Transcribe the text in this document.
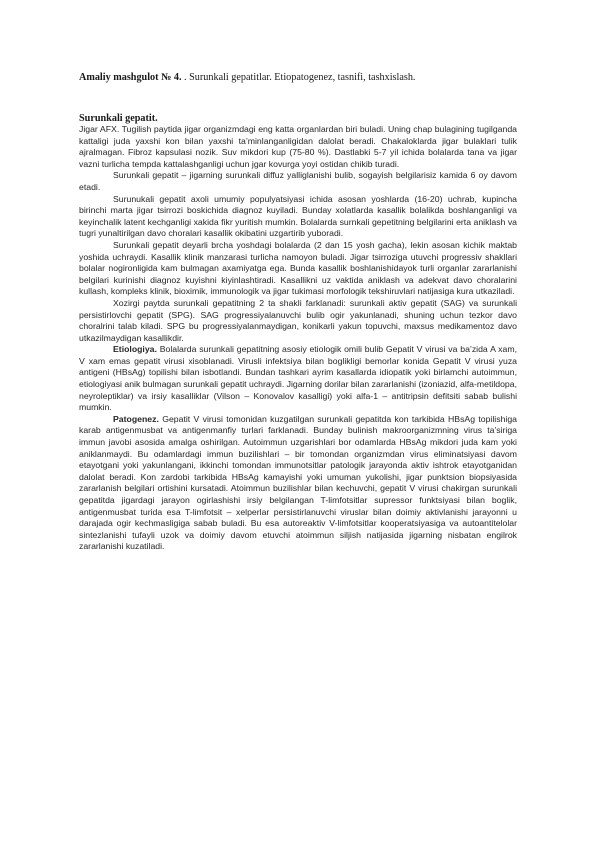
Amaliy mashgulot № 4. . Surunkali gepatitlar. Etiopatogenez, tasnifi, tashxislash.
Surunkali gepatit.

Jigar AFX. Tugilish paytida jigar organizmdagi eng katta organlardan biri buladi. Uning chap bulagining tugilganda kattaligi juda yaxshi kon bilan yaxshi ta’minlanganligidan dalolat beradi. Chakaloklarda jigar bulaklari tulik ajralmagan. Fibroz kapsulasi nozik. Suv mikdori kup (75-80 %). Dastlabki 5-7 yil ichida bolalarda tana va jigar vazni turlicha tempda kattalashganligi uchun jgar kovurga yoyi ostidan chikib turadi.

Surunkali gepatit – jigarning surunkali diffuz yalliglanishi bulib, sogayish belgilarisiz kamida 6 oy davom etadi.

Surunukali gepatit axoli umumiy populyatsiyasi ichida asosan yoshlarda (16-20) uchrab, kupincha birinchi marta jigar tsirrozi boskichida diagnoz kuyiladi. Bunday xolatlarda kasallik bolalikda boshlanganligi va keyinchalik latent kechganligi xakida fikr yuritish mumkin. Bolalarda surnkali gepetitning belgilarini erta aniklash va tugri yunaltirilgan davo choralari kasallik okibatini uzgartirib yuboradi.

Surunkali gepatit deyarli brcha yoshdagi bolalarda (2 dan 15 yosh gacha), lekin asosan kichik maktab yoshida uchraydi. Kasallik klinik manzarasi turlicha namoyon buladi. Jigar tsirroziga utuvchi progressiv shakllari bolalar nogironligida kam bulmagan axamiyatga ega. Bunda kasallik boshlanishidayok turli organlar zararlanishi belgilari kurinishi diagnoz kuyishni kiyinlashtiradi. Kasallikni uz vaktida aniklash va adekvat davo choralarini kullash, kompleks klinik, bioximik, immunologik va jigar tukimasi morfologik tekshiruvlari natijasiga kura utkaziladi.

Xozirgi paytda surunkali gepatitning 2 ta shakli farklanadi: surunkali aktiv gepatit (SAG) va surunkali persistirlovchi gepatit (SPG). SAG progressiyalanuvchi bulib ogir yakunlanadi, shuning uchun tezkor davo choralrini talab kiladi. SPG bu progressiyalanmaydigan, konikarli yakun topuvchi, maxsus medikamentoz davo utkazilmaydigan kasallikdir.

Etiologiya. Bolalarda surunkali gepatitning asosiy etiologik omili bulib Gepatit V virusi va ba’zida A xam, V xam emas gepatit virusi xisoblanadi. Virusli infektsiya bilan boglikligi bemorlar konida Gepatit V virusi yuza antigeni (HBsAg) topilishi bilan isbotlandi. Bundan tashkari ayrim kasallarda idiopatik yoki birlamchi autoimmun, etiologiyasi anik bulmagan surunkali gepatit uchraydi. Jigarning dorilar bilan zararlanishi (izoniazid, alfa-metildopa, neyroleptiklar) va irsiy kasalliklar (Vilson – Konovalov kasalligi) yoki alfa-1 – antitripsin defitsiti sabab bulishi mumkin.

Patogenez. Gepatit V virusi tomonidan kuzgatilgan surunkali gepatitda kon tarkibida HBsAg topilishiga karab antigenmusbat va antigenmanfiy turlari farklanadi. Bunday bulinish makroorganizmning virus ta’siriga immun javobi asosida amalga oshirilgan. Autoimmun uzgarishlari bor odamlarda HBsAg mikdori juda kam yoki aniklanmaydi. Bu odamlardagi immun buzilishlari – bir tomondan organizmdan virus eliminatsiyasi davom etayotgani yoki yakunlangani, ikkinchi tomondan immunotsitlar patologik jarayonda aktiv ishtrok etayotganidan dalolat beradi. Kon zardobi tarkibida HBsAg kamayishi yoki umuman yukolishi, jigar punktsion biopsiyasida zararlanish belgilari ortishini kursatadi. Atoimmun buzilishlar bilan kechuvchi, gepatit V virusi chakirgan surunkali gepatitda jigardagi jarayon ogirlashishi irsiy belgilangan T-limfotsitlar supressor funktsiyasi bilan boglik, antigenmusbat turida esa T-limfotsit – xelperlar persistirlanuvchi viruslar bilan doimiy aktivlanishi jarayonni u darajada ogir kechmasligiga sabab buladi. Bu esa autoreaktiv V-limfotsitlar kooperatsiyasiga va autoantitelolar sintezlanishi tufayli uzok va doimiy davom etuvchi atoimmun siljish natijasida jigarning nisbatan engilrok zararlanishi kuzatiladi.
